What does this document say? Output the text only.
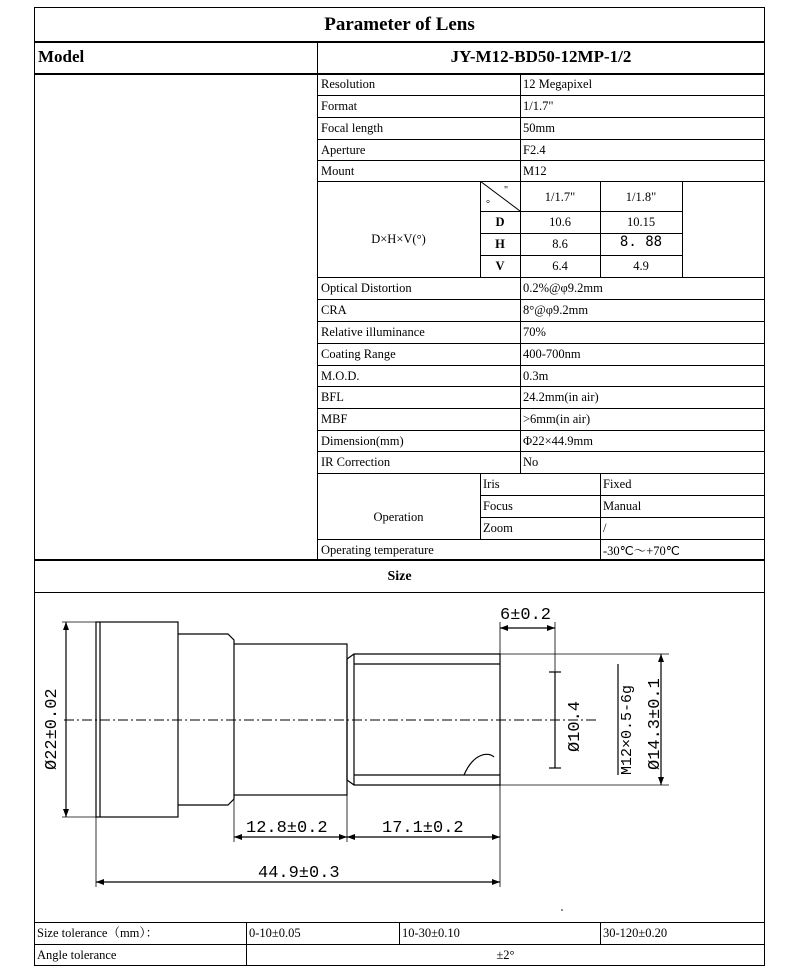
Parameter of Lens
Model	JY-M12-BD50-12MP-1/2
Resolution	12 Megapixel
Format	1/1.7"
Focal length	50mm
Aperture	F2.4
Mount	M12
D×H×V(°)
"
°
1/1.7"	1/1.8"
D	10.6	10.15
H	8.6	8. 88
V	6.4	4.9
Optical Distortion	0.2%@φ9.2mm
CRA	8°@φ9.2mm
Relative illuminance	70%
Coating Range	400-700nm
M.O.D.	0.3m
BFL	24.2mm(in air)
MBF	>6mm(in air)
Dimension(mm)	Φ22×44.9mm
IR Correction	No
Operation
Iris	Fixed
Focus	Manual
Zoom	/
Operating temperature	-30℃～+70℃
Size
6±0.2
12.8±0.2	17.1±0.2
44.9±0.3
Ø22±0.02	Ø10.4 M12×0.5-6g Ø14.3±0.1
Size tolerance（mm）：	0-10±0.05	10-30±0.10	30-120±0.20
Angle tolerance	±2°
